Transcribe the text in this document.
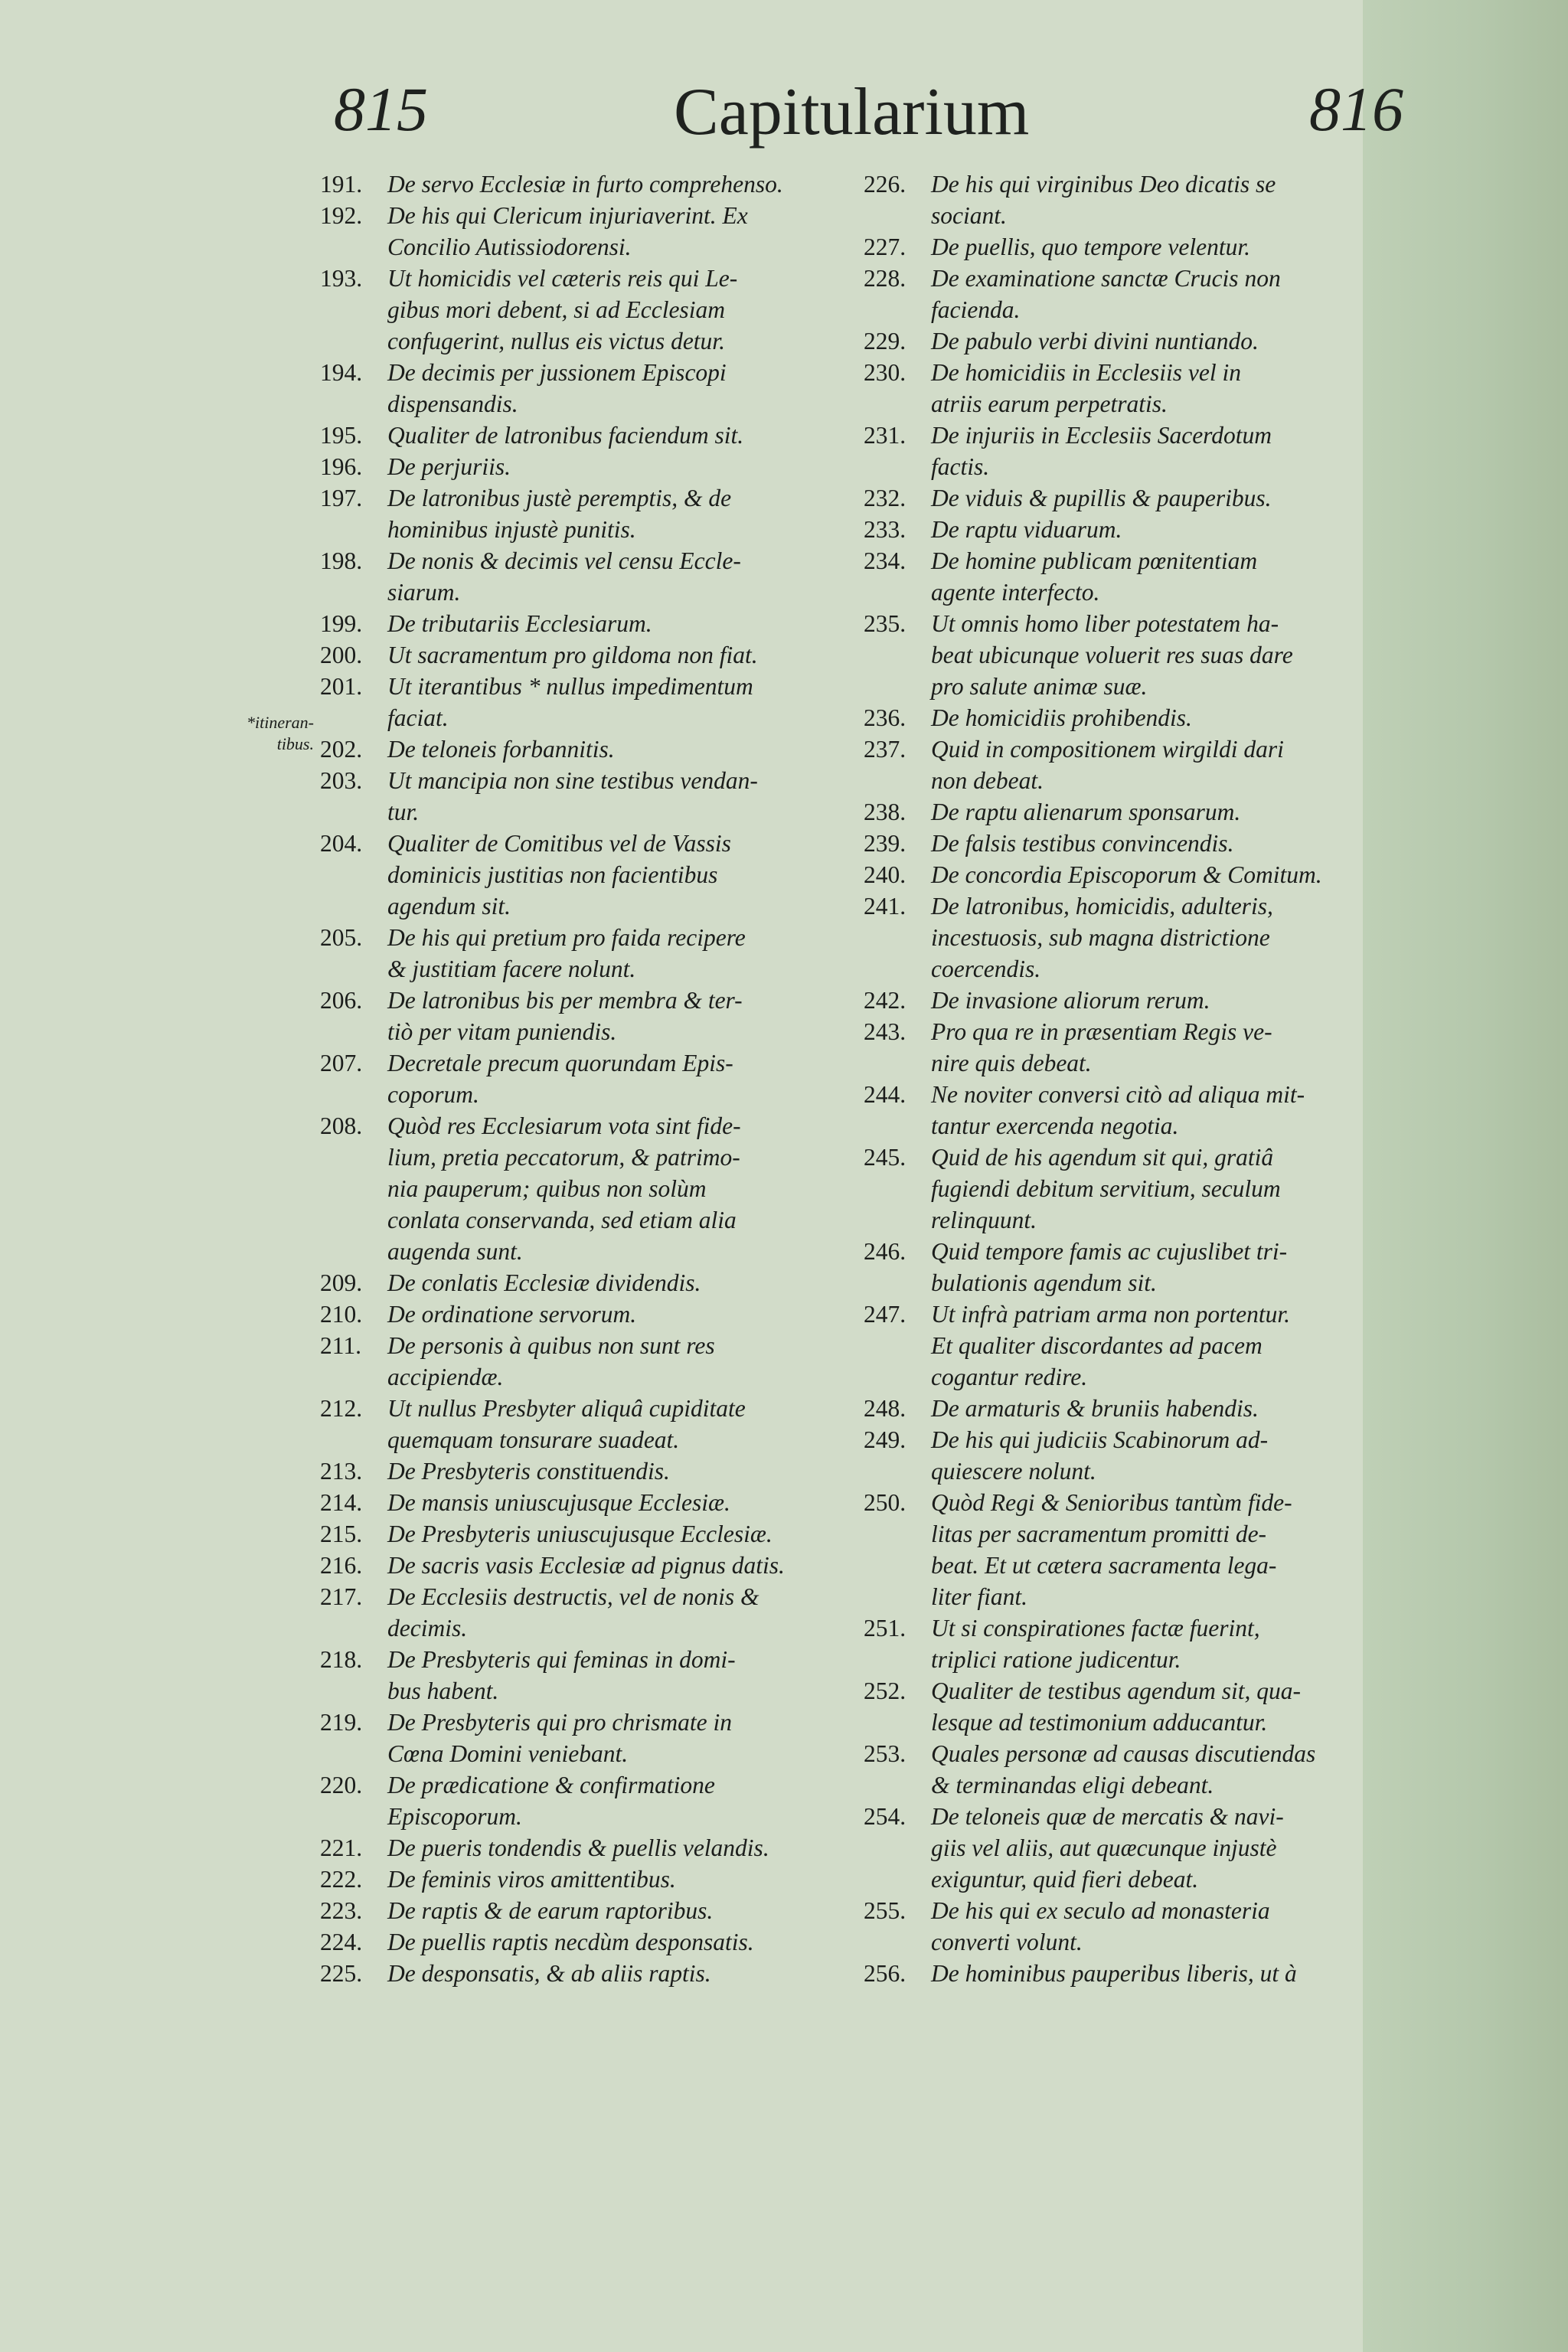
815	Capitularium	816
*itineran-
tibus.
191.	De servo Ecclesiæ in furto comprehenso.
192.	De his qui Clericum injuriaverint. Ex
Concilio Autissiodorensi.
193.	Ut homicidis vel cæteris reis qui Le-
gibus mori debent, si ad Ecclesiam
confugerint, nullus eis victus detur.
194.	De decimis per jussionem Episcopi
dispensandis.
195.	Qualiter de latronibus faciendum sit.
196.	De perjuriis.
197.	De latronibus justè peremptis, & de
hominibus injustè punitis.
198.	De nonis & decimis vel censu Eccle-
siarum.
199.	De tributariis Ecclesiarum.
200.	Ut sacramentum pro gildoma non fiat.
201.	Ut iterantibus * nullus impedimentum
faciat.
202.	De teloneis forbannitis.
203.	Ut mancipia non sine testibus vendan-
tur.
204.	Qualiter de Comitibus vel de Vassis
dominicis justitias non facientibus
agendum sit.
205.	De his qui pretium pro faida recipere
& justitiam facere nolunt.
206.	De latronibus bis per membra & ter-
tiò per vitam puniendis.
207.	Decretale precum quorundam Epis-
coporum.
208.	Quòd res Ecclesiarum vota sint fide-
lium, pretia peccatorum, & patrimo-
nia pauperum; quibus non solùm
conlata conservanda, sed etiam alia
augenda sunt.
209.	De conlatis Ecclesiæ dividendis.
210.	De ordinatione servorum.
211.	De personis à quibus non sunt res
accipiendæ.
212.	Ut nullus Presbyter aliquâ cupiditate
quemquam tonsurare suadeat.
213.	De Presbyteris constituendis.
214.	De mansis uniuscujusque Ecclesiæ.
215.	De Presbyteris uniuscujusque Ecclesiæ.
216.	De sacris vasis Ecclesiæ ad pignus datis.
217.	De Ecclesiis destructis, vel de nonis &
decimis.
218.	De Presbyteris qui feminas in domi-
bus habent.
219.	De Presbyteris qui pro chrismate in
Cœna Domini veniebant.
220.	De prædicatione & confirmatione
Episcoporum.
221.	De pueris tondendis & puellis velandis.
222.	De feminis viros amittentibus.
223.	De raptis & de earum raptoribus.
224.	De puellis raptis necdùm desponsatis.
225.	De desponsatis, & ab aliis raptis.
226.	De his qui virginibus Deo dicatis se
sociant.
227.	De puellis, quo tempore velentur.
228.	De examinatione sanctæ Crucis non
facienda.
229.	De pabulo verbi divini nuntiando.
230.	De homicidiis in Ecclesiis vel in
atriis earum perpetratis.
231.	De injuriis in Ecclesiis Sacerdotum
factis.
232.	De viduis & pupillis & pauperibus.
233.	De raptu viduarum.
234.	De homine publicam pœnitentiam
agente interfecto.
235.	Ut omnis homo liber potestatem ha-
beat ubicunque voluerit res suas dare
pro salute animæ suæ.
236.	De homicidiis prohibendis.
237.	Quid in compositionem wirgildi dari
non debeat.
238.	De raptu alienarum sponsarum.
239.	De falsis testibus convincendis.
240.	De concordia Episcoporum & Comitum.
241.	De latronibus, homicidis, adulteris,
incestuosis, sub magna districtione
coercendis.
242.	De invasione aliorum rerum.
243.	Pro qua re in præsentiam Regis ve-
nire quis debeat.
244.	Ne noviter conversi citò ad aliqua mit-
tantur exercenda negotia.
245.	Quid de his agendum sit qui, gratiâ
fugiendi debitum servitium, seculum
relinquunt.
246.	Quid tempore famis ac cujuslibet tri-
bulationis agendum sit.
247.	Ut infrà patriam arma non portentur.
Et qualiter discordantes ad pacem
cogantur redire.
248.	De armaturis & bruniis habendis.
249.	De his qui judiciis Scabinorum ad-
quiescere nolunt.
250.	Quòd Regi & Senioribus tantùm fide-
litas per sacramentum promitti de-
beat. Et ut cætera sacramenta lega-
liter fiant.
251.	Ut si conspirationes factæ fuerint,
triplici ratione judicentur.
252.	Qualiter de testibus agendum sit, qua-
lesque ad testimonium adducantur.
253.	Quales personæ ad causas discutiendas
& terminandas eligi debeant.
254.	De teloneis quæ de mercatis & navi-
giis vel aliis, aut quæcunque injustè
exiguntur, quid fieri debeat.
255.	De his qui ex seculo ad monasteria
converti volunt.
256.	De hominibus pauperibus liberis, ut à
